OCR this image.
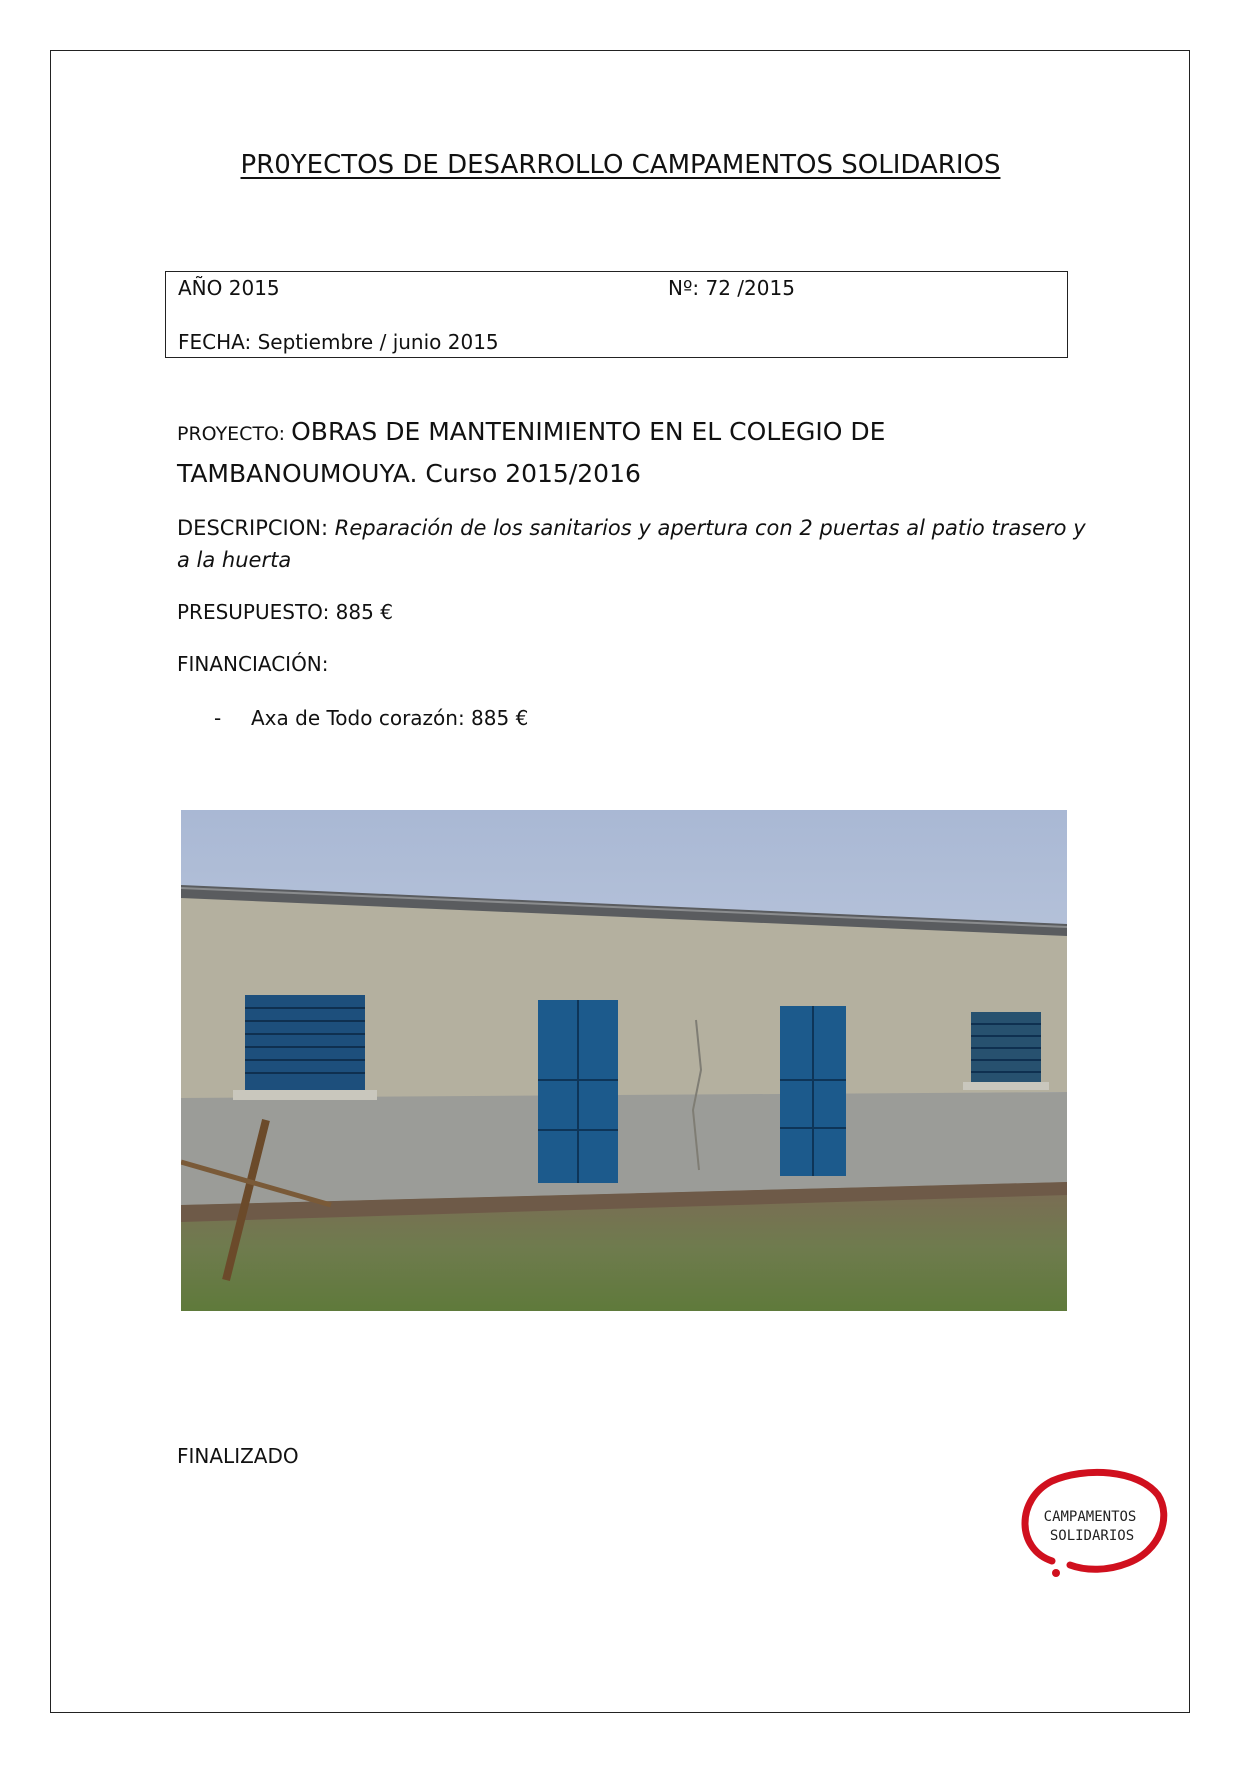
PR0YECTOS DE DESARROLLO CAMPAMENTOS SOLIDARIOS
AÑO 2015	Nº: 72 /2015
FECHA: Septiembre / junio 2015
PROYECTO: OBRAS DE MANTENIMIENTO EN EL COLEGIO DE TAMBANOUMOUYA. Curso 2015/2016
DESCRIPCION: Reparación de los sanitarios y apertura con 2 puertas al patio trasero y a la huerta
PRESUPUESTO: 885 €
FINANCIACIÓN:
- Axa de Todo corazón: 885 €
FINALIZADO
CAMPAMENTOS
SOLIDARIOS
